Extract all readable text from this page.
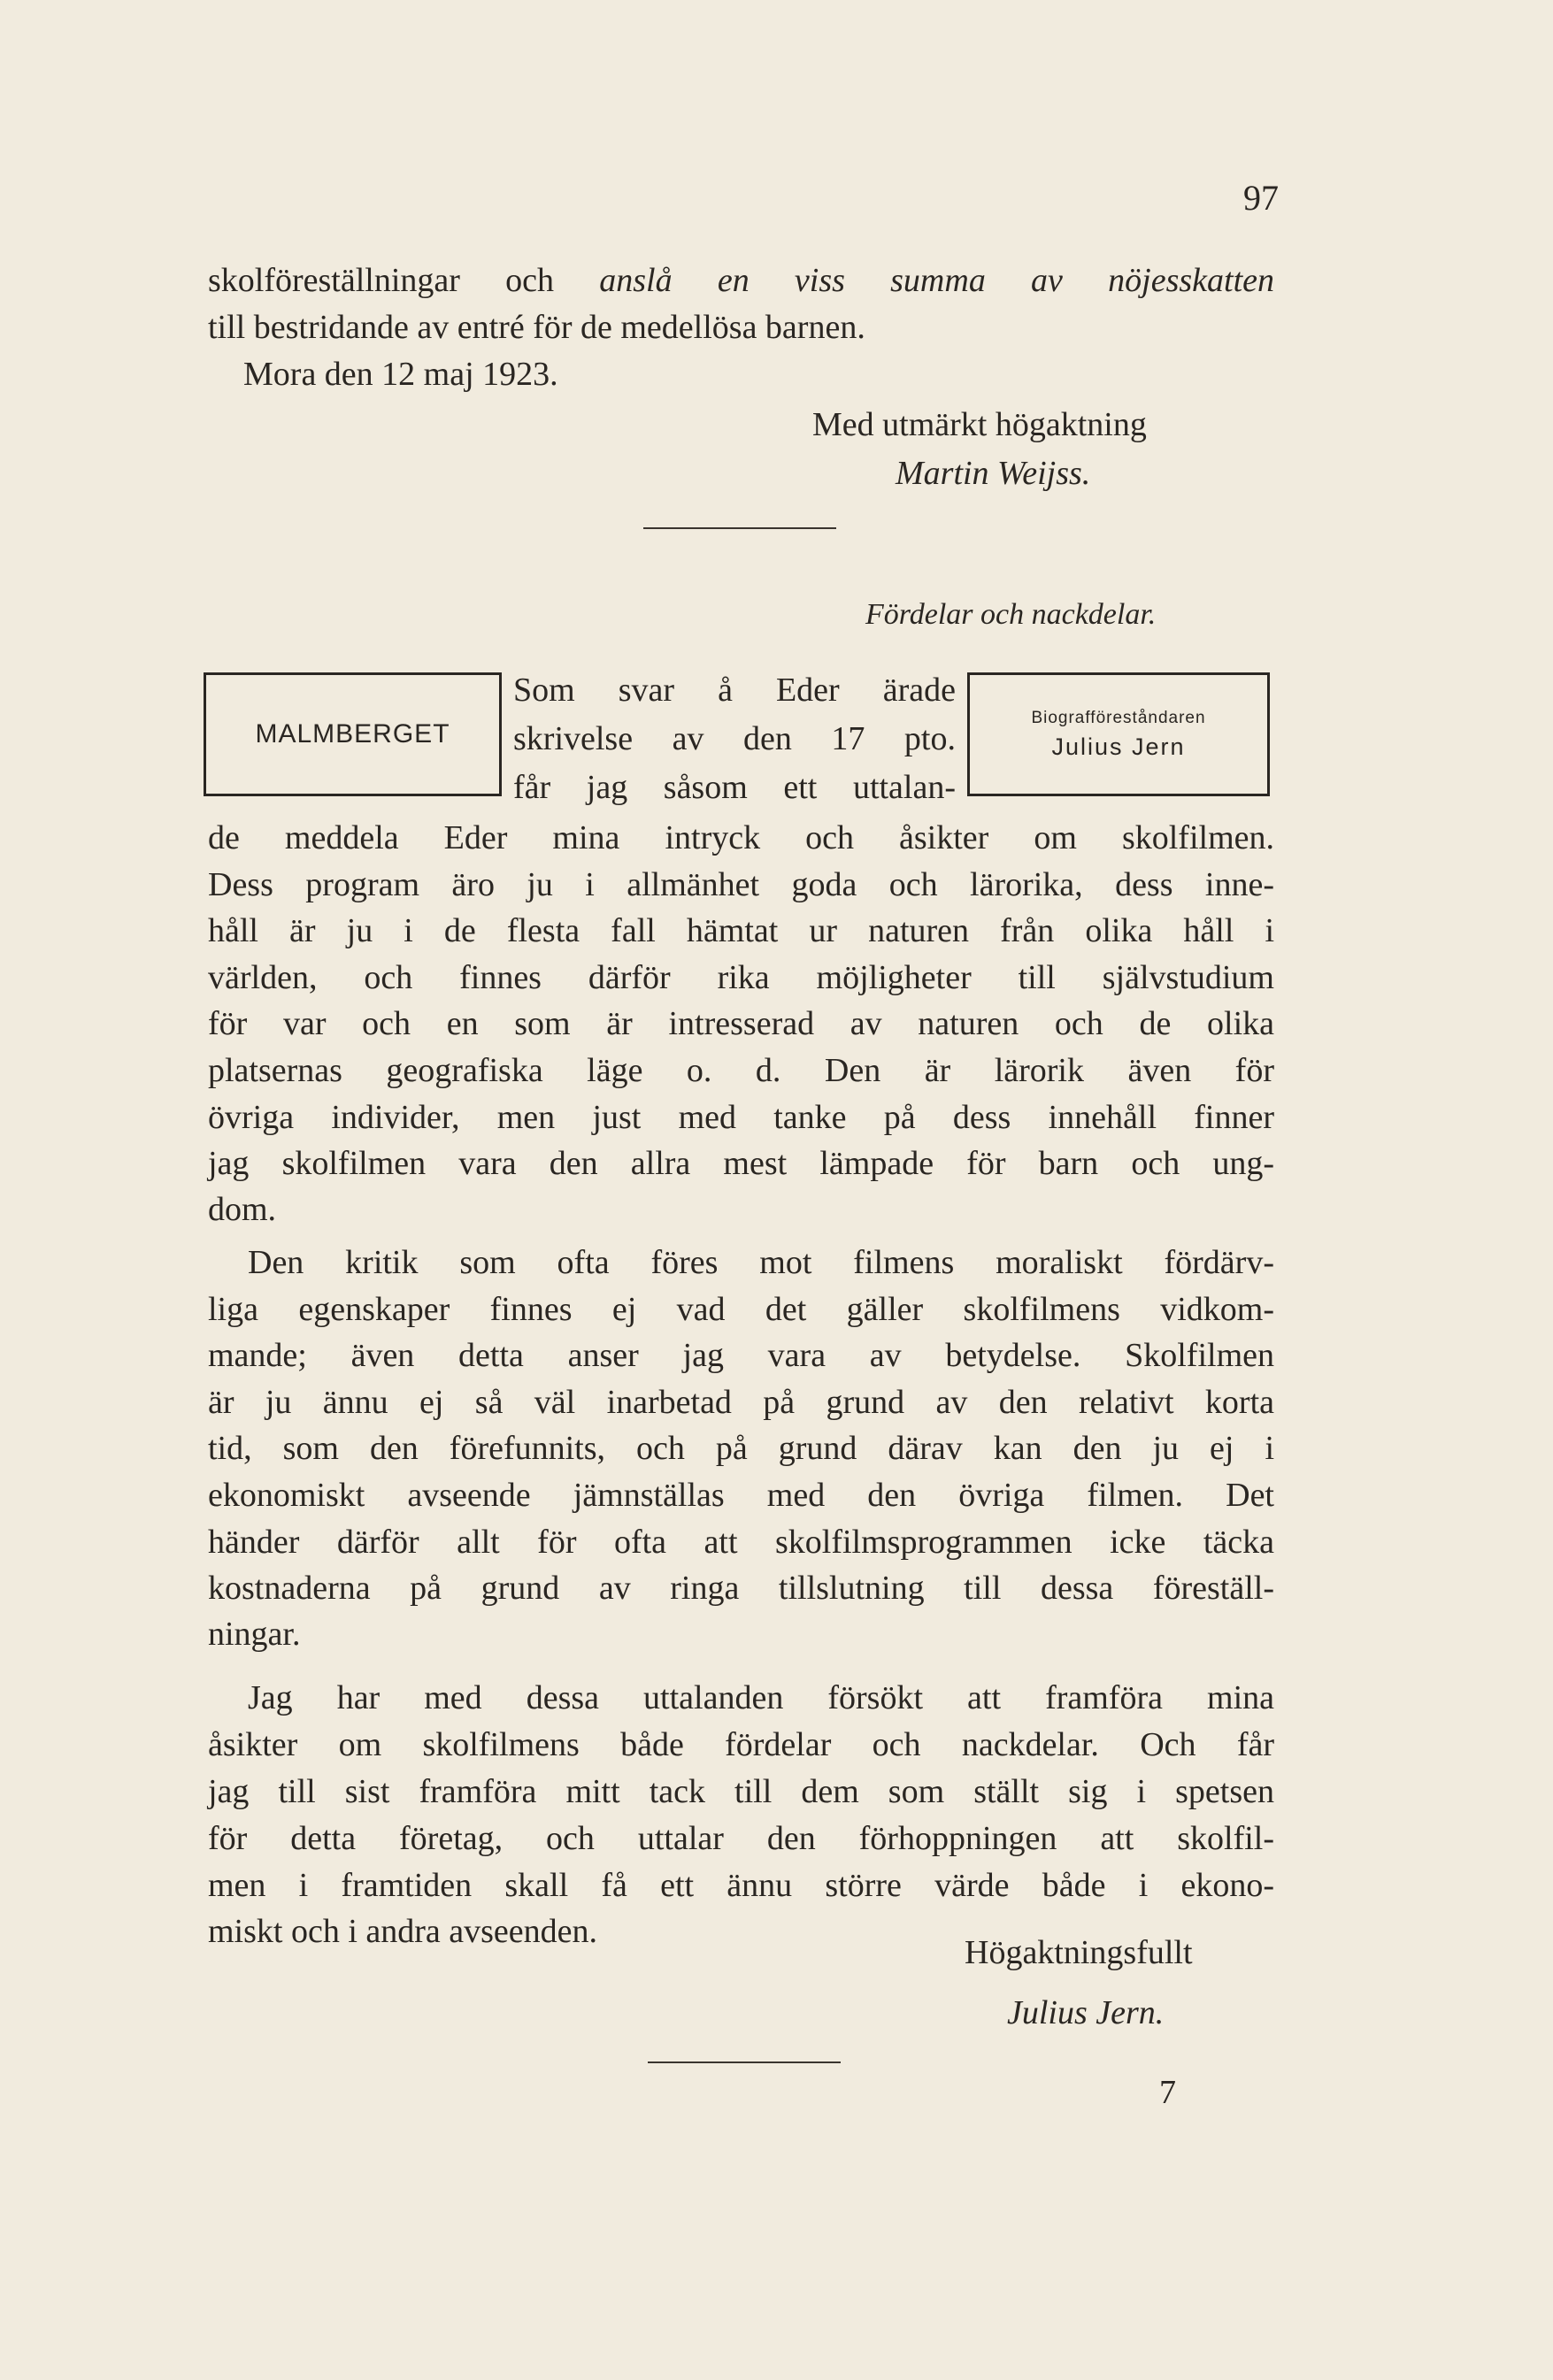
97
skolföreställningar och anslå en viss summa av nöjesskatten
till bestridande av entré för de medellösa barnen.
Mora den 12 maj 1923.
Med utmärkt högaktning
Martin Weijss.
Fördelar och nackdelar.
MALMBERGET
Biografföreståndaren
Julius Jern
Som svar å Eder ärade
skrivelse av den 17 pto.
får jag såsom ett uttalan-
de meddela Eder mina intryck och åsikter om skolfilmen.
Dess program äro ju i allmänhet goda och lärorika, dess inne-
håll är ju i de flesta fall hämtat ur naturen från olika håll i
världen, och finnes därför rika möjligheter till självstudium
för var och en som är intresserad av naturen och de olika
platsernas geografiska läge o. d. Den är lärorik även för
övriga individer, men just med tanke på dess innehåll finner
jag skolfilmen vara den allra mest lämpade för barn och ung-
dom.
Den kritik som ofta föres mot filmens moraliskt fördärv-
liga egenskaper finnes ej vad det gäller skolfilmens vidkom-
mande; även detta anser jag vara av betydelse. Skolfilmen
är ju ännu ej så väl inarbetad på grund av den relativt korta
tid, som den förefunnits, och på grund därav kan den ju ej i
ekonomiskt avseende jämnställas med den övriga filmen. Det
händer därför allt för ofta att skolfilmsprogrammen icke täcka
kostnaderna på grund av ringa tillslutning till dessa föreställ-
ningar.
Jag har med dessa uttalanden försökt att framföra mina
åsikter om skolfilmens både fördelar och nackdelar. Och får
jag till sist framföra mitt tack till dem som ställt sig i spetsen
för detta företag, och uttalar den förhoppningen att skolfil-
men i framtiden skall få ett ännu större värde både i ekono-
miskt och i andra avseenden.
Högaktningsfullt
Julius Jern.
7
